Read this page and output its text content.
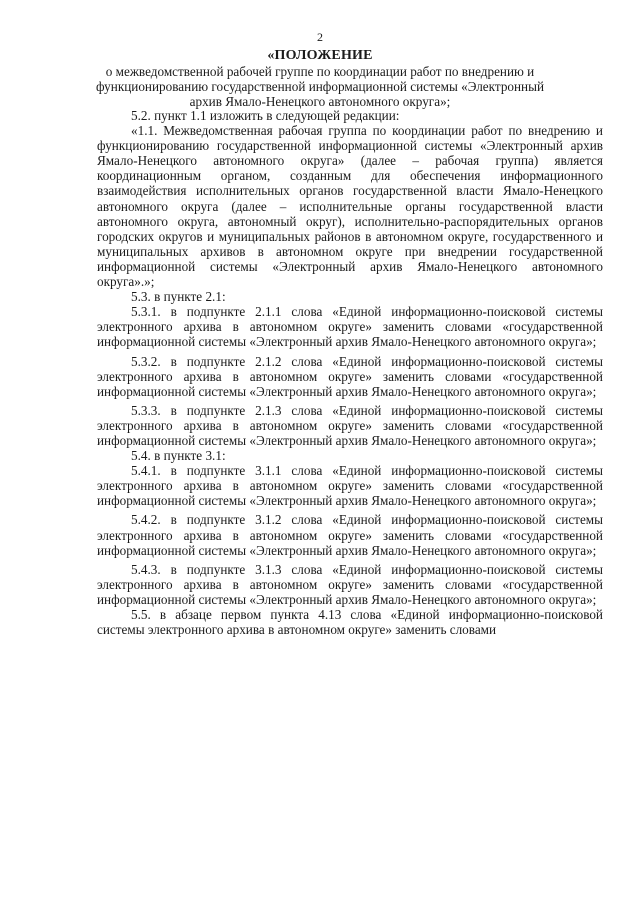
2
«ПОЛОЖЕНИЕ
о межведомственной рабочей группе по координации работ по внедрению и функционированию государственной информационной системы «Электронный архив Ямало-Ненецкого автономного округа»;

5.2. пункт 1.1 изложить в следующей редакции:

«1.1. Межведомственная рабочая группа по координации работ по внедрению и функционированию государственной информационной системы «Электронный архив Ямало-Ненецкого автономного округа» (далее – рабочая группа) является координационным органом, созданным для обеспечения информационного взаимодействия исполнительных органов государственной власти Ямало-Ненецкого автономного округа (далее – исполнительные органы государственной власти автономного округа, автономный округ), исполнительно-распорядительных органов городских округов и муниципальных районов в автономном округе, государственного и муниципальных архивов в автономном округе при внедрении государственной информационной системы «Электронный архив Ямало-Ненецкого автономного округа».»;

5.3. в пункте 2.1:

5.3.1. в подпункте 2.1.1 слова «Единой информационно-поисковой системы электронного архива в автономном округе» заменить словами «государственной информационной системы «Электронный архив Ямало-Ненецкого автономного округа»;

5.3.2. в подпункте 2.1.2 слова «Единой информационно-поисковой системы электронного архива в автономном округе» заменить словами «государственной информационной системы «Электронный архив Ямало-Ненецкого автономного округа»;

5.3.3. в подпункте 2.1.3 слова «Единой информационно-поисковой системы электронного архива в автономном округе» заменить словами «государственной информационной системы «Электронный архив Ямало-Ненецкого автономного округа»;

5.4. в пункте 3.1:

5.4.1. в подпункте 3.1.1 слова «Единой информационно-поисковой системы электронного архива в автономном округе» заменить словами «государственной информационной системы «Электронный архив Ямало-Ненецкого автономного округа»;

5.4.2. в подпункте 3.1.2 слова «Единой информационно-поисковой системы электронного архива в автономном округе» заменить словами «государственной информационной системы «Электронный архив Ямало-Ненецкого автономного округа»;

5.4.3. в подпункте 3.1.3 слова «Единой информационно-поисковой системы электронного архива в автономном округе» заменить словами «государственной информационной системы «Электронный архив Ямало-Ненецкого автономного округа»;

5.5. в абзаце первом пункта 4.13 слова «Единой информационно-поисковой системы электронного архива в автономном округе» заменить словами
